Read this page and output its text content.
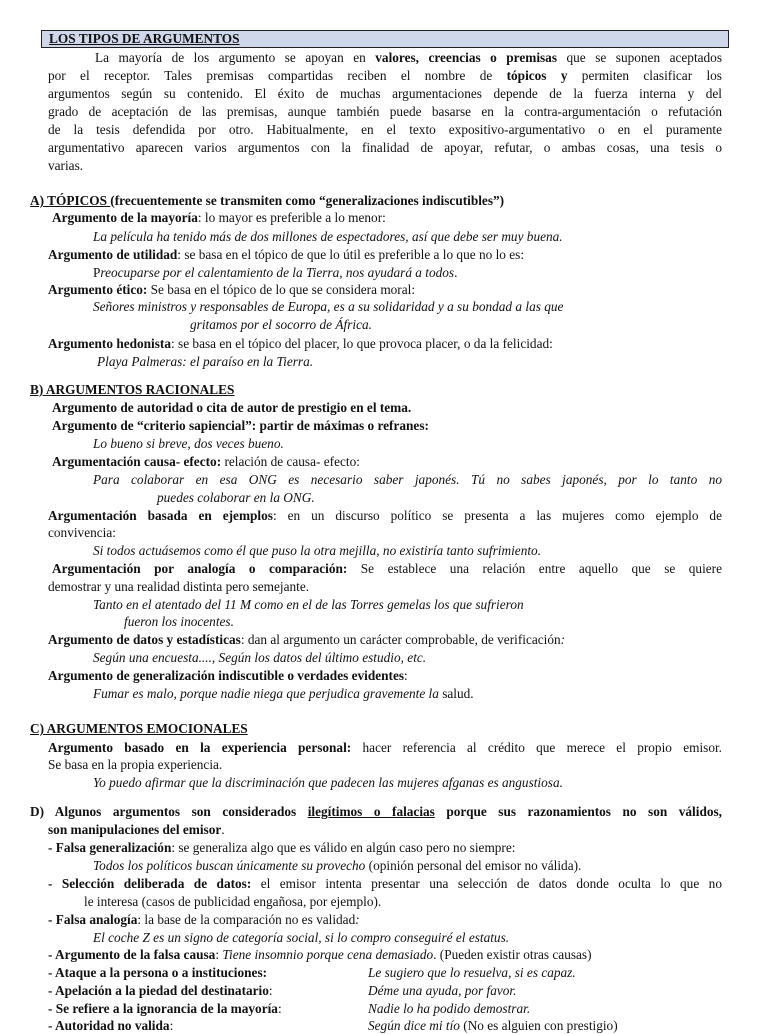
LOS TIPOS DE ARGUMENTOS
La mayoría de los argumento se apoyan en valores, creencias o premisas que se suponen aceptados
por el receptor. Tales premisas compartidas reciben el nombre de tópicos y permiten clasificar los
argumentos según su contenido. El éxito de muchas argumentaciones depende de la fuerza interna y del
grado de aceptación de las premisas, aunque también puede basarse en la contra-argumentación o refutación
de la tesis defendida por otro. Habitualmente, en el texto expositivo-argumentativo o en el puramente
argumentativo aparecen varios argumentos con la finalidad de apoyar, refutar, o ambas cosas, una tesis o
varias.
A) TÓPICOS (frecuentemente se transmiten como “generalizaciones indiscutibles”)
Argumento de la mayoría: lo mayor es preferible a lo menor:
La película ha tenido más de dos millones de espectadores, así que debe ser muy buena.
Argumento de utilidad: se basa en el tópico de que lo útil es preferible a lo que no lo es:
Preocuparse por el calentamiento de la Tierra, nos ayudará a todos.
Argumento ético: Se basa en el tópico de lo que se considera moral:
Señores ministros y responsables de Europa, es a su solidaridad y a su bondad a las que
gritamos por el socorro de África.
Argumento hedonista: se basa en el tópico del placer, lo que provoca placer, o da la felicidad:
Playa Palmeras: el paraíso en la Tierra.
B) ARGUMENTOS RACIONALES
Argumento de autoridad o cita de autor de prestigio en el tema.
Argumento de “criterio sapiencial”: partir de máximas o refranes:
Lo bueno si breve, dos veces bueno.
Argumentación causa- efecto: relación de causa- efecto:
Para colaborar en esa ONG es necesario saber japonés. Tú no sabes japonés, por lo tanto no
puedes colaborar en la ONG.
Argumentación basada en ejemplos: en un discurso político se presenta a las mujeres como ejemplo de
convivencia:
Si todos actuásemos como él que puso la otra mejilla, no existiría tanto sufrimiento.
Argumentación por analogía o comparación: Se establece una relación entre aquello que se quiere
demostrar y una realidad distinta pero semejante.
Tanto en el atentado del 11 M como en el de las Torres gemelas los que sufrieron
fueron los inocentes.
Argumento de datos y estadísticas: dan al argumento un carácter comprobable, de verificación:
Según una encuesta...., Según los datos del último estudio, etc.
Argumento de generalización indiscutible o verdades evidentes:
Fumar es malo, porque nadie niega que perjudica gravemente la salud.
C) ARGUMENTOS EMOCIONALES
Argumento basado en la experiencia personal: hacer referencia al crédito que merece el propio emisor.
Se basa en la propia experiencia.
Yo puedo afirmar que la discriminación que padecen las mujeres afganas es angustiosa.
D) Algunos argumentos son considerados ilegítimos o falacias porque sus razonamientos no son válidos,
son manipulaciones del emisor.
- Falsa generalización: se generaliza algo que es válido en algún caso pero no siempre:
Todos los políticos buscan únicamente su provecho (opinión personal del emisor no válida).
- Selección deliberada de datos: el emisor intenta presentar una selección de datos donde oculta lo que no
le interesa (casos de publicidad engañosa, por ejemplo).
- Falsa analogía: la base de la comparación no es validad:
El coche Z es un signo de categoría social, si lo compro conseguiré el estatus.
- Argumento de la falsa causa: Tiene insomnio porque cena demasiado. (Pueden existir otras causas)
- Ataque a la persona o a instituciones:	Le sugiero que lo resuelva, si es capaz.
- Apelación a la piedad del destinatario:	Déme una ayuda, por favor.
- Se refiere a la ignorancia de la mayoría:	Nadie lo ha podido demostrar.
- Autoridad no valida:	Según dice mi tío (No es alguien con prestigio)
